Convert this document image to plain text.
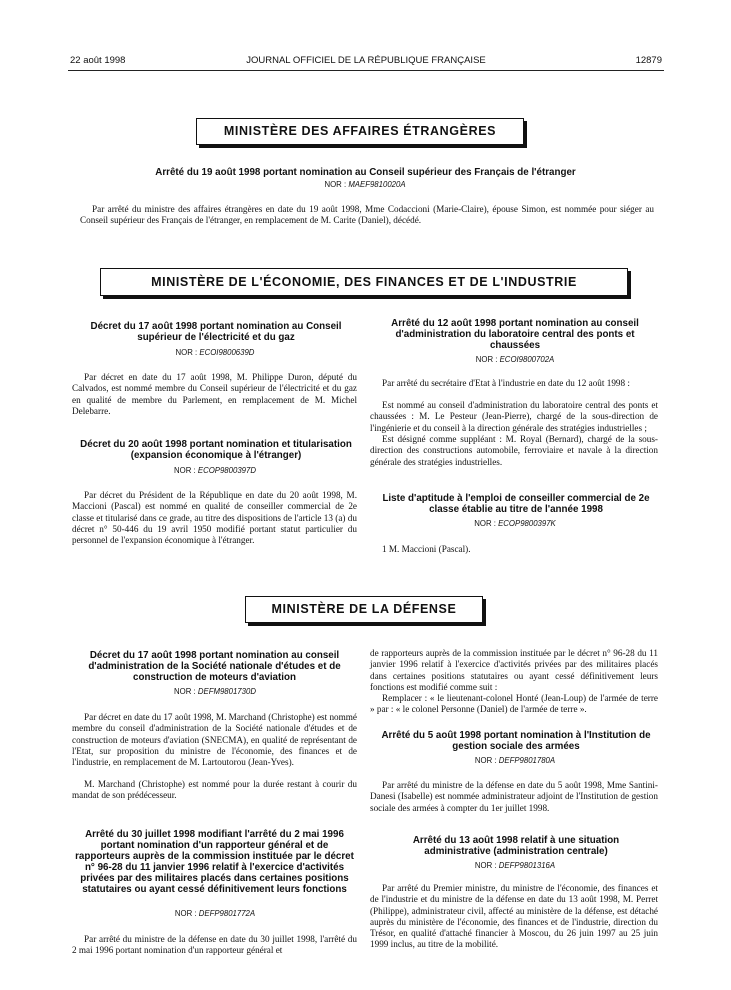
22 août 1998	JOURNAL OFFICIEL DE LA RÉPUBLIQUE FRANÇAISE	12879
MINISTÈRE DES AFFAIRES ÉTRANGÈRES
Arrêté du 19 août 1998 portant nomination au Conseil supérieur des Français de l'étranger
NOR : MAEF9810020A
Par arrêté du ministre des affaires étrangères en date du 19 août 1998, Mme Codaccioni (Marie-Claire), épouse Simon, est nommée pour siéger au Conseil supérieur des Français de l'étranger, en remplacement de M. Carite (Daniel), décédé.
MINISTÈRE DE L'ÉCONOMIE, DES FINANCES ET DE L'INDUSTRIE
Décret du 17 août 1998 portant nomination au Conseil supérieur de l'électricité et du gaz
NOR : ECOI9800639D
Par décret en date du 17 août 1998, M. Philippe Duron, député du Calvados, est nommé membre du Conseil supérieur de l'électricité et du gaz en qualité de membre du Parlement, en remplacement de M. Michel Delebarre.
Décret du 20 août 1998 portant nomination et titularisation (expansion économique à l'étranger)
NOR : ECOP9800397D
Par décret du Président de la République en date du 20 août 1998, M. Maccioni (Pascal) est nommé en qualité de conseiller commercial de 2e classe et titularisé dans ce grade, au titre des dispositions de l'article 13 (a) du décret n° 50-446 du 19 avril 1950 modifié portant statut particulier du personnel de l'expansion économique à l'étranger.
Arrêté du 12 août 1998 portant nomination au conseil d'administration du laboratoire central des ponts et chaussées
NOR : ECOI9800702A
Par arrêté du secrétaire d'Etat à l'industrie en date du 12 août 1998 :
Est nommé au conseil d'administration du laboratoire central des ponts et chaussées : M. Le Pesteur (Jean-Pierre), chargé de la sous-direction de l'ingénierie et du conseil à la direction générale des stratégies industrielles ;
Est désigné comme suppléant : M. Royal (Bernard), chargé de la sous-direction des constructions automobile, ferroviaire et navale à la direction générale des stratégies industrielles.
Liste d'aptitude à l'emploi de conseiller commercial de 2e classe établie au titre de l'année 1998
NOR : ECOP9800397K
1 M. Maccioni (Pascal).
MINISTÈRE DE LA DÉFENSE
Décret du 17 août 1998 portant nomination au conseil d'administration de la Société nationale d'études et de construction de moteurs d'aviation
NOR : DEFM9801730D
Par décret en date du 17 août 1998, M. Marchand (Christophe) est nommé membre du conseil d'administration de la Société nationale d'études et de construction de moteurs d'aviation (SNECMA), en qualité de représentant de l'Etat, sur proposition du ministre de l'économie, des finances et de l'industrie, en remplacement de M. Lartoutorou (Jean-Yves).
M. Marchand (Christophe) est nommé pour la durée restant à courir du mandat de son prédécesseur.
Arrêté du 30 juillet 1998 modifiant l'arrêté du 2 mai 1996 portant nomination d'un rapporteur général et de rapporteurs auprès de la commission instituée par le décret n° 96-28 du 11 janvier 1996 relatif à l'exercice d'activités privées par des militaires placés dans certaines positions statutaires ou ayant cessé définitivement leurs fonctions
NOR : DEFP9801772A
Par arrêté du ministre de la défense en date du 30 juillet 1998, l'arrêté du 2 mai 1996 portant nomination d'un rapporteur général et
de rapporteurs auprès de la commission instituée par le décret n° 96-28 du 11 janvier 1996 relatif à l'exercice d'activités privées par des militaires placés dans certaines positions statutaires ou ayant cessé définitivement leurs fonctions est modifié comme suit :
Remplacer : « le lieutenant-colonel Honté (Jean-Loup) de l'armée de terre » par : « le colonel Personne (Daniel) de l'armée de terre ».
Arrêté du 5 août 1998 portant nomination à l'Institution de gestion sociale des armées
NOR : DEFP9801780A
Par arrêté du ministre de la défense en date du 5 août 1998, Mme Santini-Danesi (Isabelle) est nommée administrateur adjoint de l'Institution de gestion sociale des armées à compter du 1er juillet 1998.
Arrêté du 13 août 1998 relatif à une situation administrative (administration centrale)
NOR : DEFP9801316A
Par arrêté du Premier ministre, du ministre de l'économie, des finances et de l'industrie et du ministre de la défense en date du 13 août 1998, M. Perret (Philippe), administrateur civil, affecté au ministère de la défense, est détaché auprès du ministère de l'économie, des finances et de l'industrie, direction du Trésor, en qualité d'attaché financier à Moscou, du 26 juin 1997 au 25 juin 1999 inclus, au titre de la mobilité.
